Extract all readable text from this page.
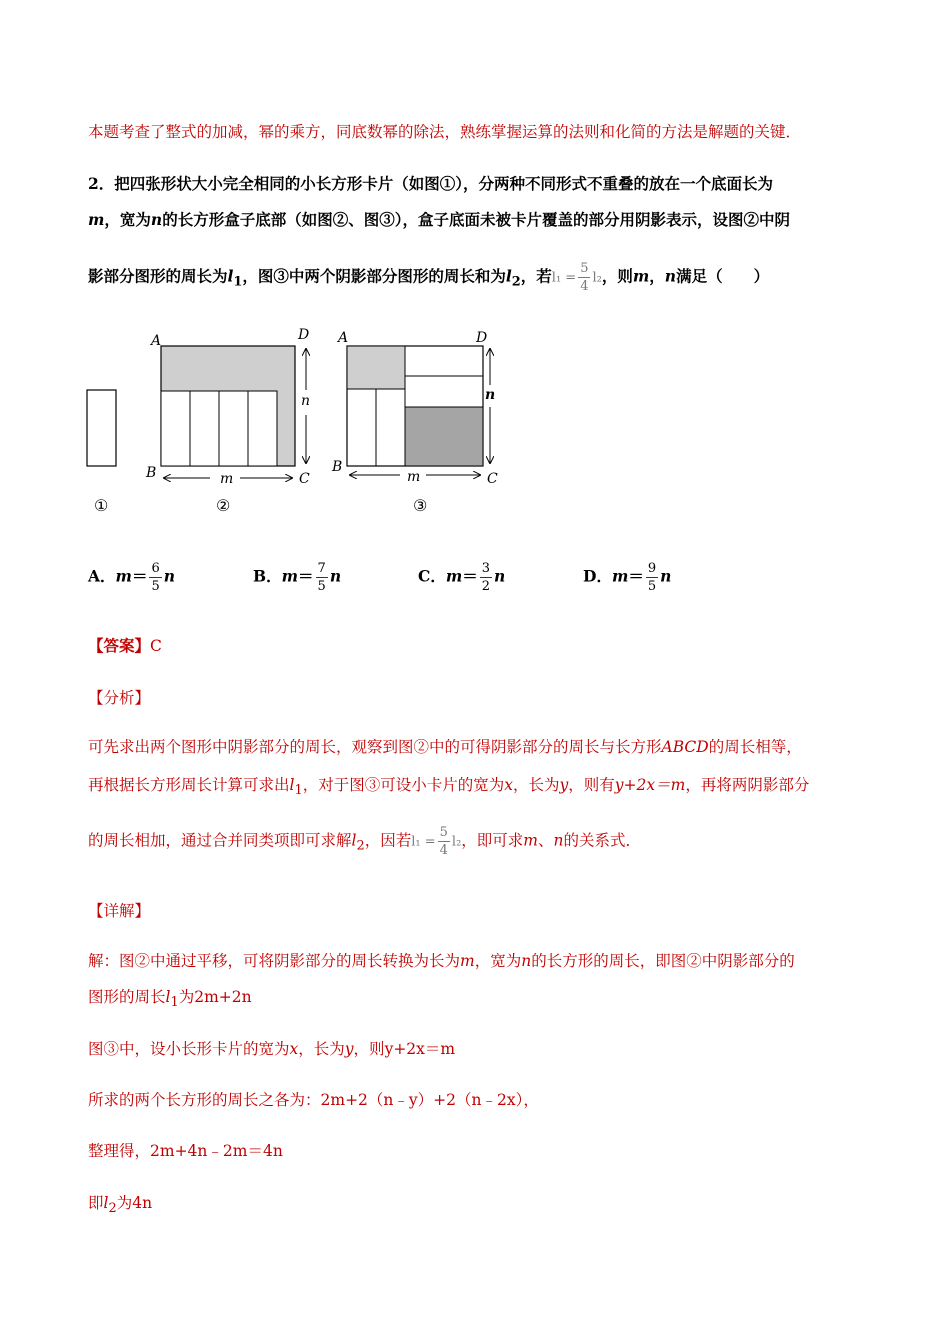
本题考查了整式的加减，幂的乘方，同底数幂的除法，熟练掌握运算的法则和化简的方法是解题的关键．
2．把四张形状大小完全相同的小长方形卡片（如图①），分两种不同形式不重叠的放在一个底面长为
m，宽为n的长方形盒子底部（如图②、图③），盒子底面未被卡片覆盖的部分用阴影表示，设图②中阴
影部分图形的周长为$l_1$，图③中两个阴影部分图形的周长和为$l_2$，若$l_1 = \frac{5}{4} l_2$，则m，n满足（　　）
①
A	D
B	C
m
n
②
A	D
B
C
m
n
③
A．$m= \frac{6}{5}$ n	B．$m= \frac{7}{5}$ n	C．$m= \frac{3}{2}$ n	D．$m= \frac{9}{5}$ n
【答案】C
【分析】
可先求出两个图形中阴影部分的周长，观察到图②中的可得阴影部分的周长与长方形ABCD的周长相等，
再根据长方形周长计算可求出$l_1$，对于图③可设小卡片的宽为x，长为y，则有y+2x＝m，再将两阴影部分
的周长相加，通过合并同类项即可求解$l_2$，因若$l_1 = \frac{5}{4} l_2$，即可求m、n的关系式．
【详解】
解：图②中通过平移，可将阴影部分的周长转换为长为m，宽为n的长方形的周长，即图②中阴影部分的
图形的周长$l_1$为2m+2n
图③中，设小长形卡片的宽为x，长为y，则y+2x＝m
所求的两个长方形的周长之各为：2m+2（n﹣y）+2（n﹣2x），
整理得，2m+4n﹣2m＝4n
即$l_2$为4n
